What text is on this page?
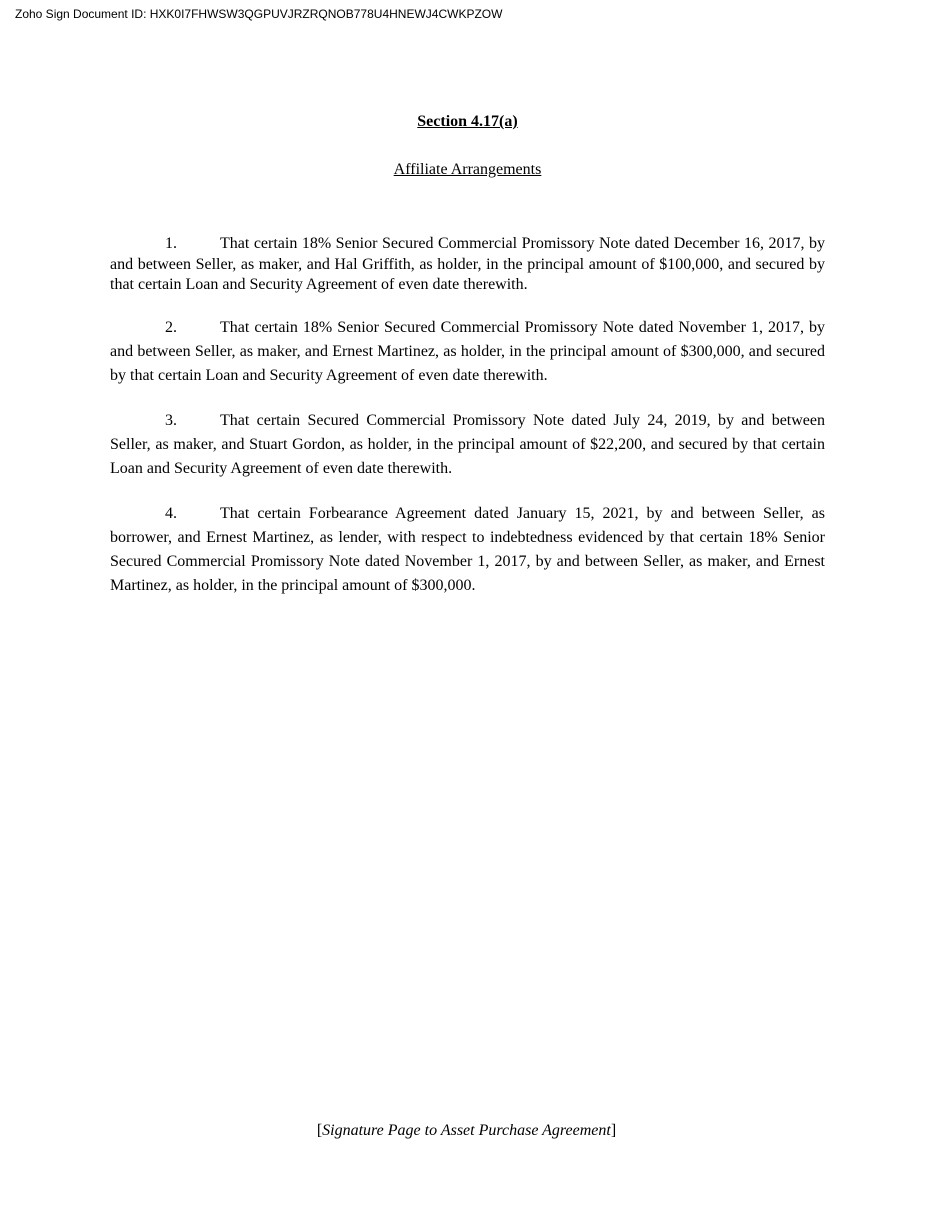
Zoho Sign Document ID: HXK0I7FHWSW3QGPUVJRZRQNOB778U4HNEWJ4CWKPZOW
Section 4.17(a)
Affiliate Arrangements

1.	That certain 18% Senior Secured Commercial Promissory Note dated December 16, 2017, by and between Seller, as maker, and Hal Griffith, as holder, in the principal amount of $100,000, and secured by that certain Loan and Security Agreement of even date therewith.

2.	That certain 18% Senior Secured Commercial Promissory Note dated November 1, 2017, by and between Seller, as maker, and Ernest Martinez, as holder, in the principal amount of $300,000, and secured by that certain Loan and Security Agreement of even date therewith.

3.	That certain Secured Commercial Promissory Note dated July 24, 2019, by and between Seller, as maker, and Stuart Gordon, as holder, in the principal amount of $22,200, and secured by that certain Loan and Security Agreement of even date therewith.

4.	That certain Forbearance Agreement dated January 15, 2021, by and between Seller, as borrower, and Ernest Martinez, as lender, with respect to indebtedness evidenced by that certain 18% Senior Secured Commercial Promissory Note dated November 1, 2017, by and between Seller, as maker, and Ernest Martinez, as holder, in the principal amount of $300,000.

[Signature Page to Asset Purchase Agreement]
